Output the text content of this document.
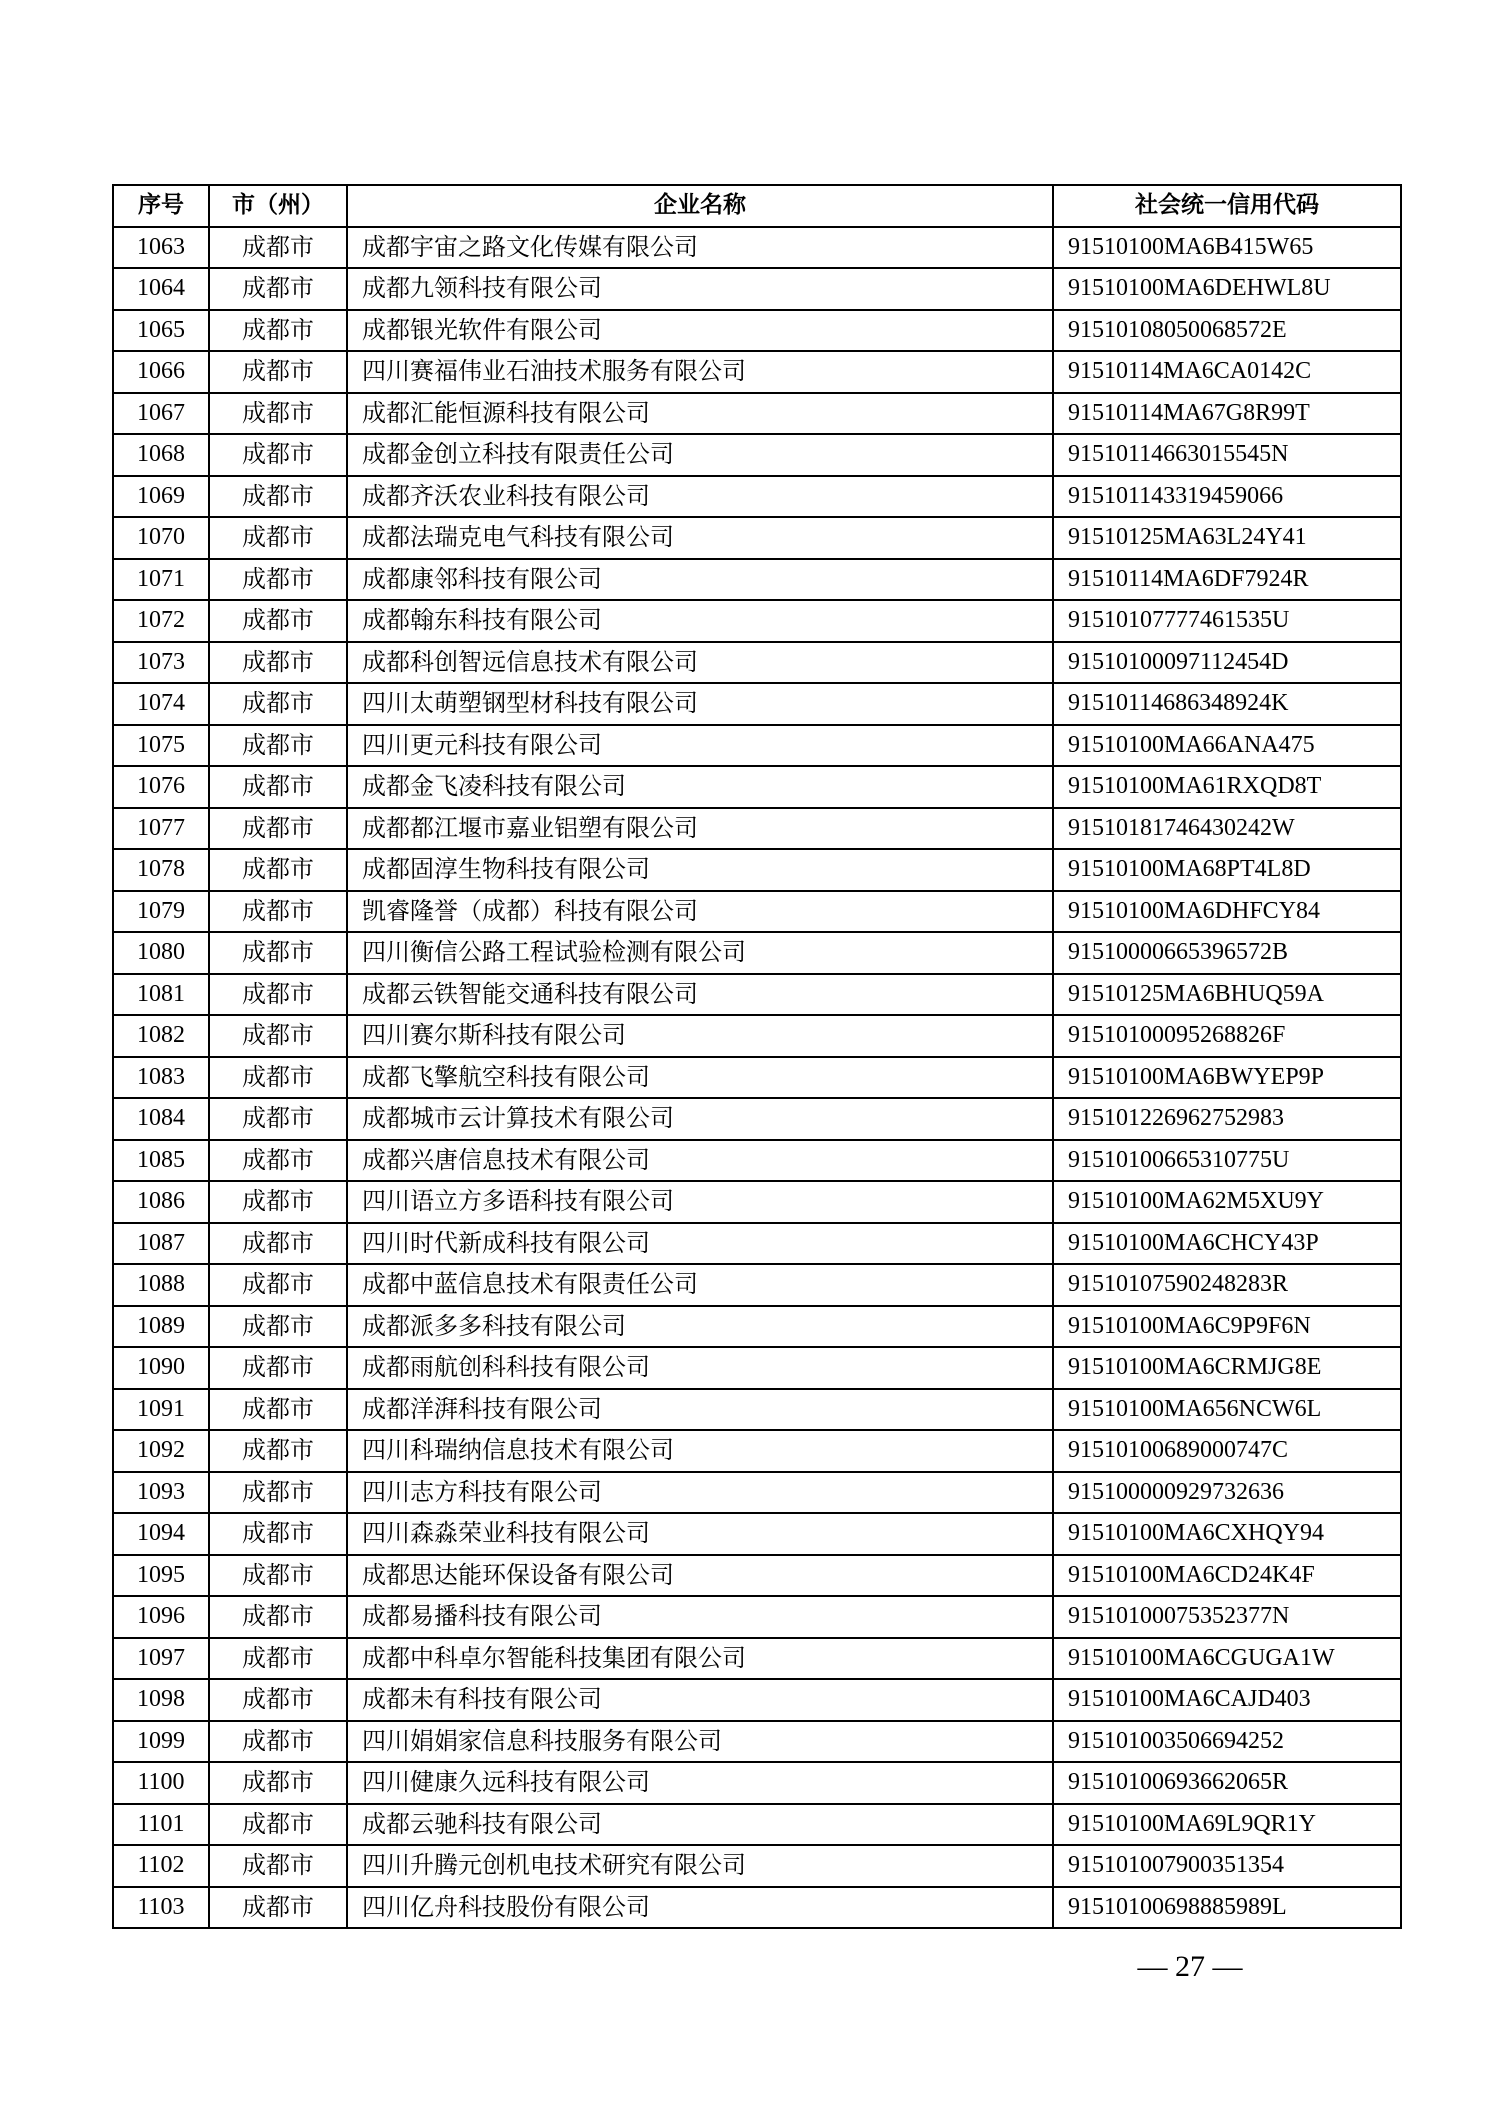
序号	市（州）	企业名称	社会统一信用代码
1063	成都市	成都宇宙之路文化传媒有限公司	91510100MA6B415W65
1064	成都市	成都九领科技有限公司	91510100MA6DEHWL8U
1065	成都市	成都银光软件有限公司	91510108050068572E
1066	成都市	四川赛福伟业石油技术服务有限公司	91510114MA6CA0142C
1067	成都市	成都汇能恒源科技有限公司	91510114MA67G8R99T
1068	成都市	成都金创立科技有限责任公司	91510114663015545N
1069	成都市	成都齐沃农业科技有限公司	915101143319459066
1070	成都市	成都法瑞克电气科技有限公司	91510125MA63L24Y41
1071	成都市	成都康邻科技有限公司	91510114MA6DF7924R
1072	成都市	成都翰东科技有限公司	91510107777461535U
1073	成都市	成都科创智远信息技术有限公司	91510100097112454D
1074	成都市	四川太萌塑钢型材科技有限公司	91510114686348924K
1075	成都市	四川更元科技有限公司	91510100MA66ANA475
1076	成都市	成都金飞凌科技有限公司	91510100MA61RXQD8T
1077	成都市	成都都江堰市嘉业铝塑有限公司	91510181746430242W
1078	成都市	成都固淳生物科技有限公司	91510100MA68PT4L8D
1079	成都市	凯睿隆誉（成都）科技有限公司	91510100MA6DHFCY84
1080	成都市	四川衡信公路工程试验检测有限公司	91510000665396572B
1081	成都市	成都云铁智能交通科技有限公司	91510125MA6BHUQ59A
1082	成都市	四川赛尔斯科技有限公司	91510100095268826F
1083	成都市	成都飞擎航空科技有限公司	91510100MA6BWYEP9P
1084	成都市	成都城市云计算技术有限公司	915101226962752983
1085	成都市	成都兴唐信息技术有限公司	91510100665310775U
1086	成都市	四川语立方多语科技有限公司	91510100MA62M5XU9Y
1087	成都市	四川时代新成科技有限公司	91510100MA6CHCY43P
1088	成都市	成都中蓝信息技术有限责任公司	91510107590248283R
1089	成都市	成都派多多科技有限公司	91510100MA6C9P9F6N
1090	成都市	成都雨航创科科技有限公司	91510100MA6CRMJG8E
1091	成都市	成都洋湃科技有限公司	91510100MA656NCW6L
1092	成都市	四川科瑞纳信息技术有限公司	91510100689000747C
1093	成都市	四川志方科技有限公司	915100000929732636
1094	成都市	四川森淼荣业科技有限公司	91510100MA6CXHQY94
1095	成都市	成都思达能环保设备有限公司	91510100MA6CD24K4F
1096	成都市	成都易播科技有限公司	91510100075352377N
1097	成都市	成都中科卓尔智能科技集团有限公司	91510100MA6CGUGA1W
1098	成都市	成都未有科技有限公司	91510100MA6CAJD403
1099	成都市	四川娟娟家信息科技服务有限公司	915101003506694252
1100	成都市	四川健康久远科技有限公司	91510100693662065R
1101	成都市	成都云驰科技有限公司	91510100MA69L9QR1Y
1102	成都市	四川升腾元创机电技术研究有限公司	915101007900351354
1103	成都市	四川亿舟科技股份有限公司	91510100698885989L
— 27 —
